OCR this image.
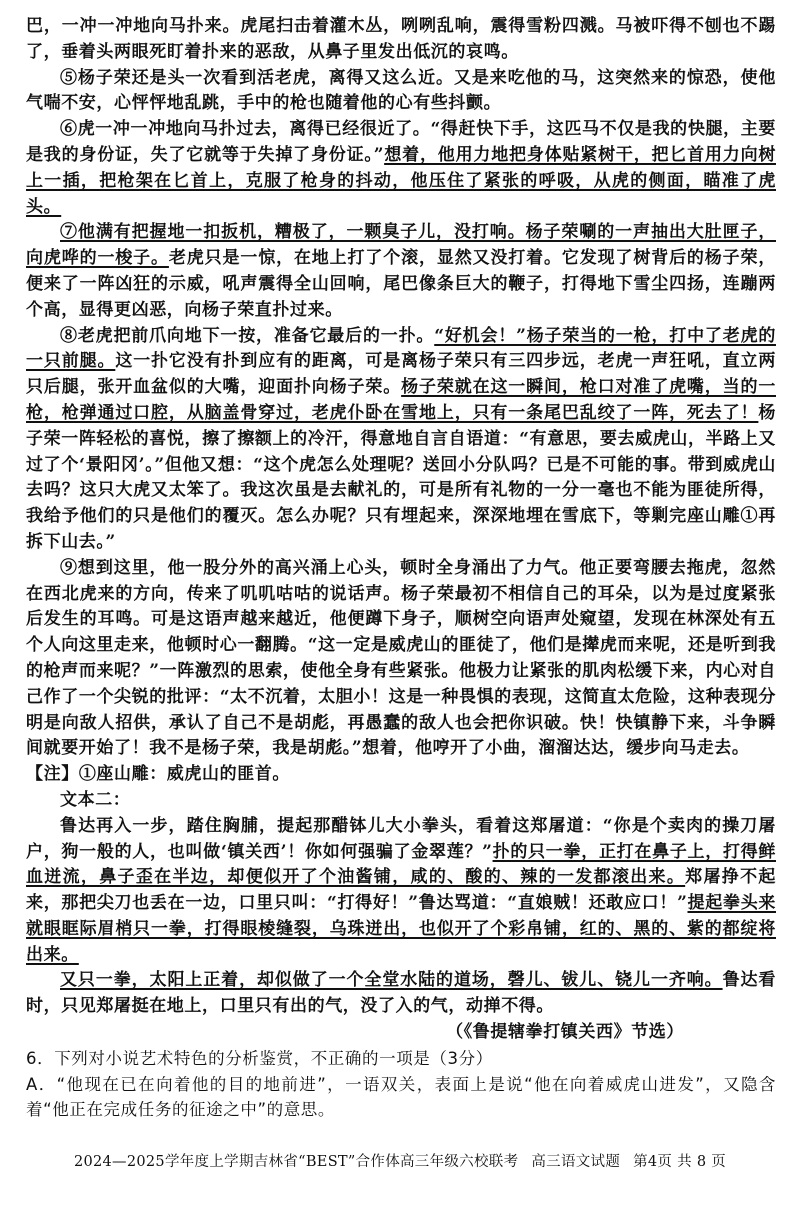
巴，一冲一冲地向马扑来。虎尾扫击着灌木丛，咧咧乱响，震得雪粉四溅。马被吓得不刨也不踢了，垂着头两眼死盯着扑来的恶敌，从鼻子里发出低沉的哀鸣。

⑤杨子荣还是头一次看到活老虎，离得又这么近。又是来吃他的马，这突然来的惊恐，使他气喘不安，心怦怦地乱跳，手中的枪也随着他的心有些抖颤。

⑥虎一冲一冲地向马扑过去，离得已经很近了。“得赶快下手，这匹马不仅是我的快腿，主要是我的身份证，失了它就等于失掉了身份证。”想着，他用力地把身体贴紧树干，把匕首用力向树上一插，把枪架在匕首上，克服了枪身的抖动，他压住了紧张的呼吸，从虎的侧面，瞄准了虎头。

⑦他满有把握地一扣扳机，糟极了，一颗臭子儿，没打响。杨子荣唰的一声抽出大肚匣子，向虎哗的一梭子。老虎只是一惊，在地上打了个滚，显然又没打着。它发现了树背后的杨子荣，便来了一阵凶狂的示威，吼声震得全山回响，尾巴像条巨大的鞭子，打得地下雪尘四扬，连蹦两个高，显得更凶恶，向杨子荣直扑过来。

⑧老虎把前爪向地下一按，准备它最后的一扑。“好机会！”杨子荣当的一枪，打中了老虎的一只前腿。这一扑它没有扑到应有的距离，可是离杨子荣只有三四步远，老虎一声狂吼，直立两只后腿，张开血盆似的大嘴，迎面扑向杨子荣。杨子荣就在这一瞬间，枪口对准了虎嘴，当的一枪，枪弹通过口腔，从脑盖骨穿过，老虎仆卧在雪地上，只有一条尾巴乱绞了一阵，死去了！杨子荣一阵轻松的喜悦，擦了擦额上的冷汗，得意地自言自语道：“有意思，要去威虎山，半路上又过了个‘景阳冈’。”但他又想：“这个虎怎么处理呢？送回小分队吗？已是不可能的事。带到威虎山去吗？这只大虎又太笨了。我这次虽是去献礼的，可是所有礼物的一分一毫也不能为匪徒所得，我给予他们的只是他们的覆灭。怎么办呢？只有埋起来，深深地埋在雪底下，等剿完座山雕①再拆下山去。”

⑨想到这里，他一股分外的高兴涌上心头，顿时全身涌出了力气。他正要弯腰去拖虎，忽然在西北虎来的方向，传来了叽叽咕咕的说话声。杨子荣最初不相信自己的耳朵，以为是过度紧张后发生的耳鸣。可是这语声越来越近，他便蹲下身子，顺树空向语声处窥望，发现在林深处有五个人向这里走来，他顿时心一翻腾。“这一定是威虎山的匪徒了，他们是撵虎而来呢，还是听到我的枪声而来呢？”一阵激烈的思索，使他全身有些紧张。他极力让紧张的肌肉松缓下来，内心对自己作了一个尖锐的批评：“太不沉着，太胆小！这是一种畏惧的表现，这简直太危险，这种表现分明是向敌人招供，承认了自己不是胡彪，再愚蠢的敌人也会把你识破。快！快镇静下来，斗争瞬间就要开始了！我不是杨子荣，我是胡彪。”想着，他哼开了小曲，溜溜达达，缓步向马走去。

【注】①座山雕：威虎山的匪首。

文本二：

鲁达再入一步，踏住胸脯，提起那醋钵儿大小拳头，看着这郑屠道：“你是个卖肉的操刀屠户，狗一般的人，也叫做‘镇关西’！你如何强骗了金翠莲？”扑的只一拳，正打在鼻子上，打得鲜血迸流，鼻子歪在半边，却便似开了个油酱铺，咸的、酸的、辣的一发都滚出来。郑屠挣不起来，那把尖刀也丢在一边，口里只叫：“打得好！”鲁达骂道：“直娘贼！还敢应口！”提起拳头来就眼眶际眉梢只一拳，打得眼棱缝裂，乌珠迸出，也似开了个彩帛铺，红的、黑的、紫的都绽将出来。

又只一拳，太阳上正着，却似做了一个全堂水陆的道场，磬儿、钹儿、铙儿一齐响。鲁达看时，只见郑屠挺在地上，口里只有出的气，没了入的气，动掸不得。

（《鲁提辖拳打镇关西》节选）

6．下列对小说艺术特色的分析鉴赏，不正确的一项是（3分）

A．“他现在已在向着他的目的地前进”，一语双关，表面上是说“他在向着威虎山进发”，又隐含着“他正在完成任务的征途之中”的意思。

2024—2025学年度上学期吉林省“BEST”合作体高三年级六校联考 高三语文试题 第4页 共 8 页
